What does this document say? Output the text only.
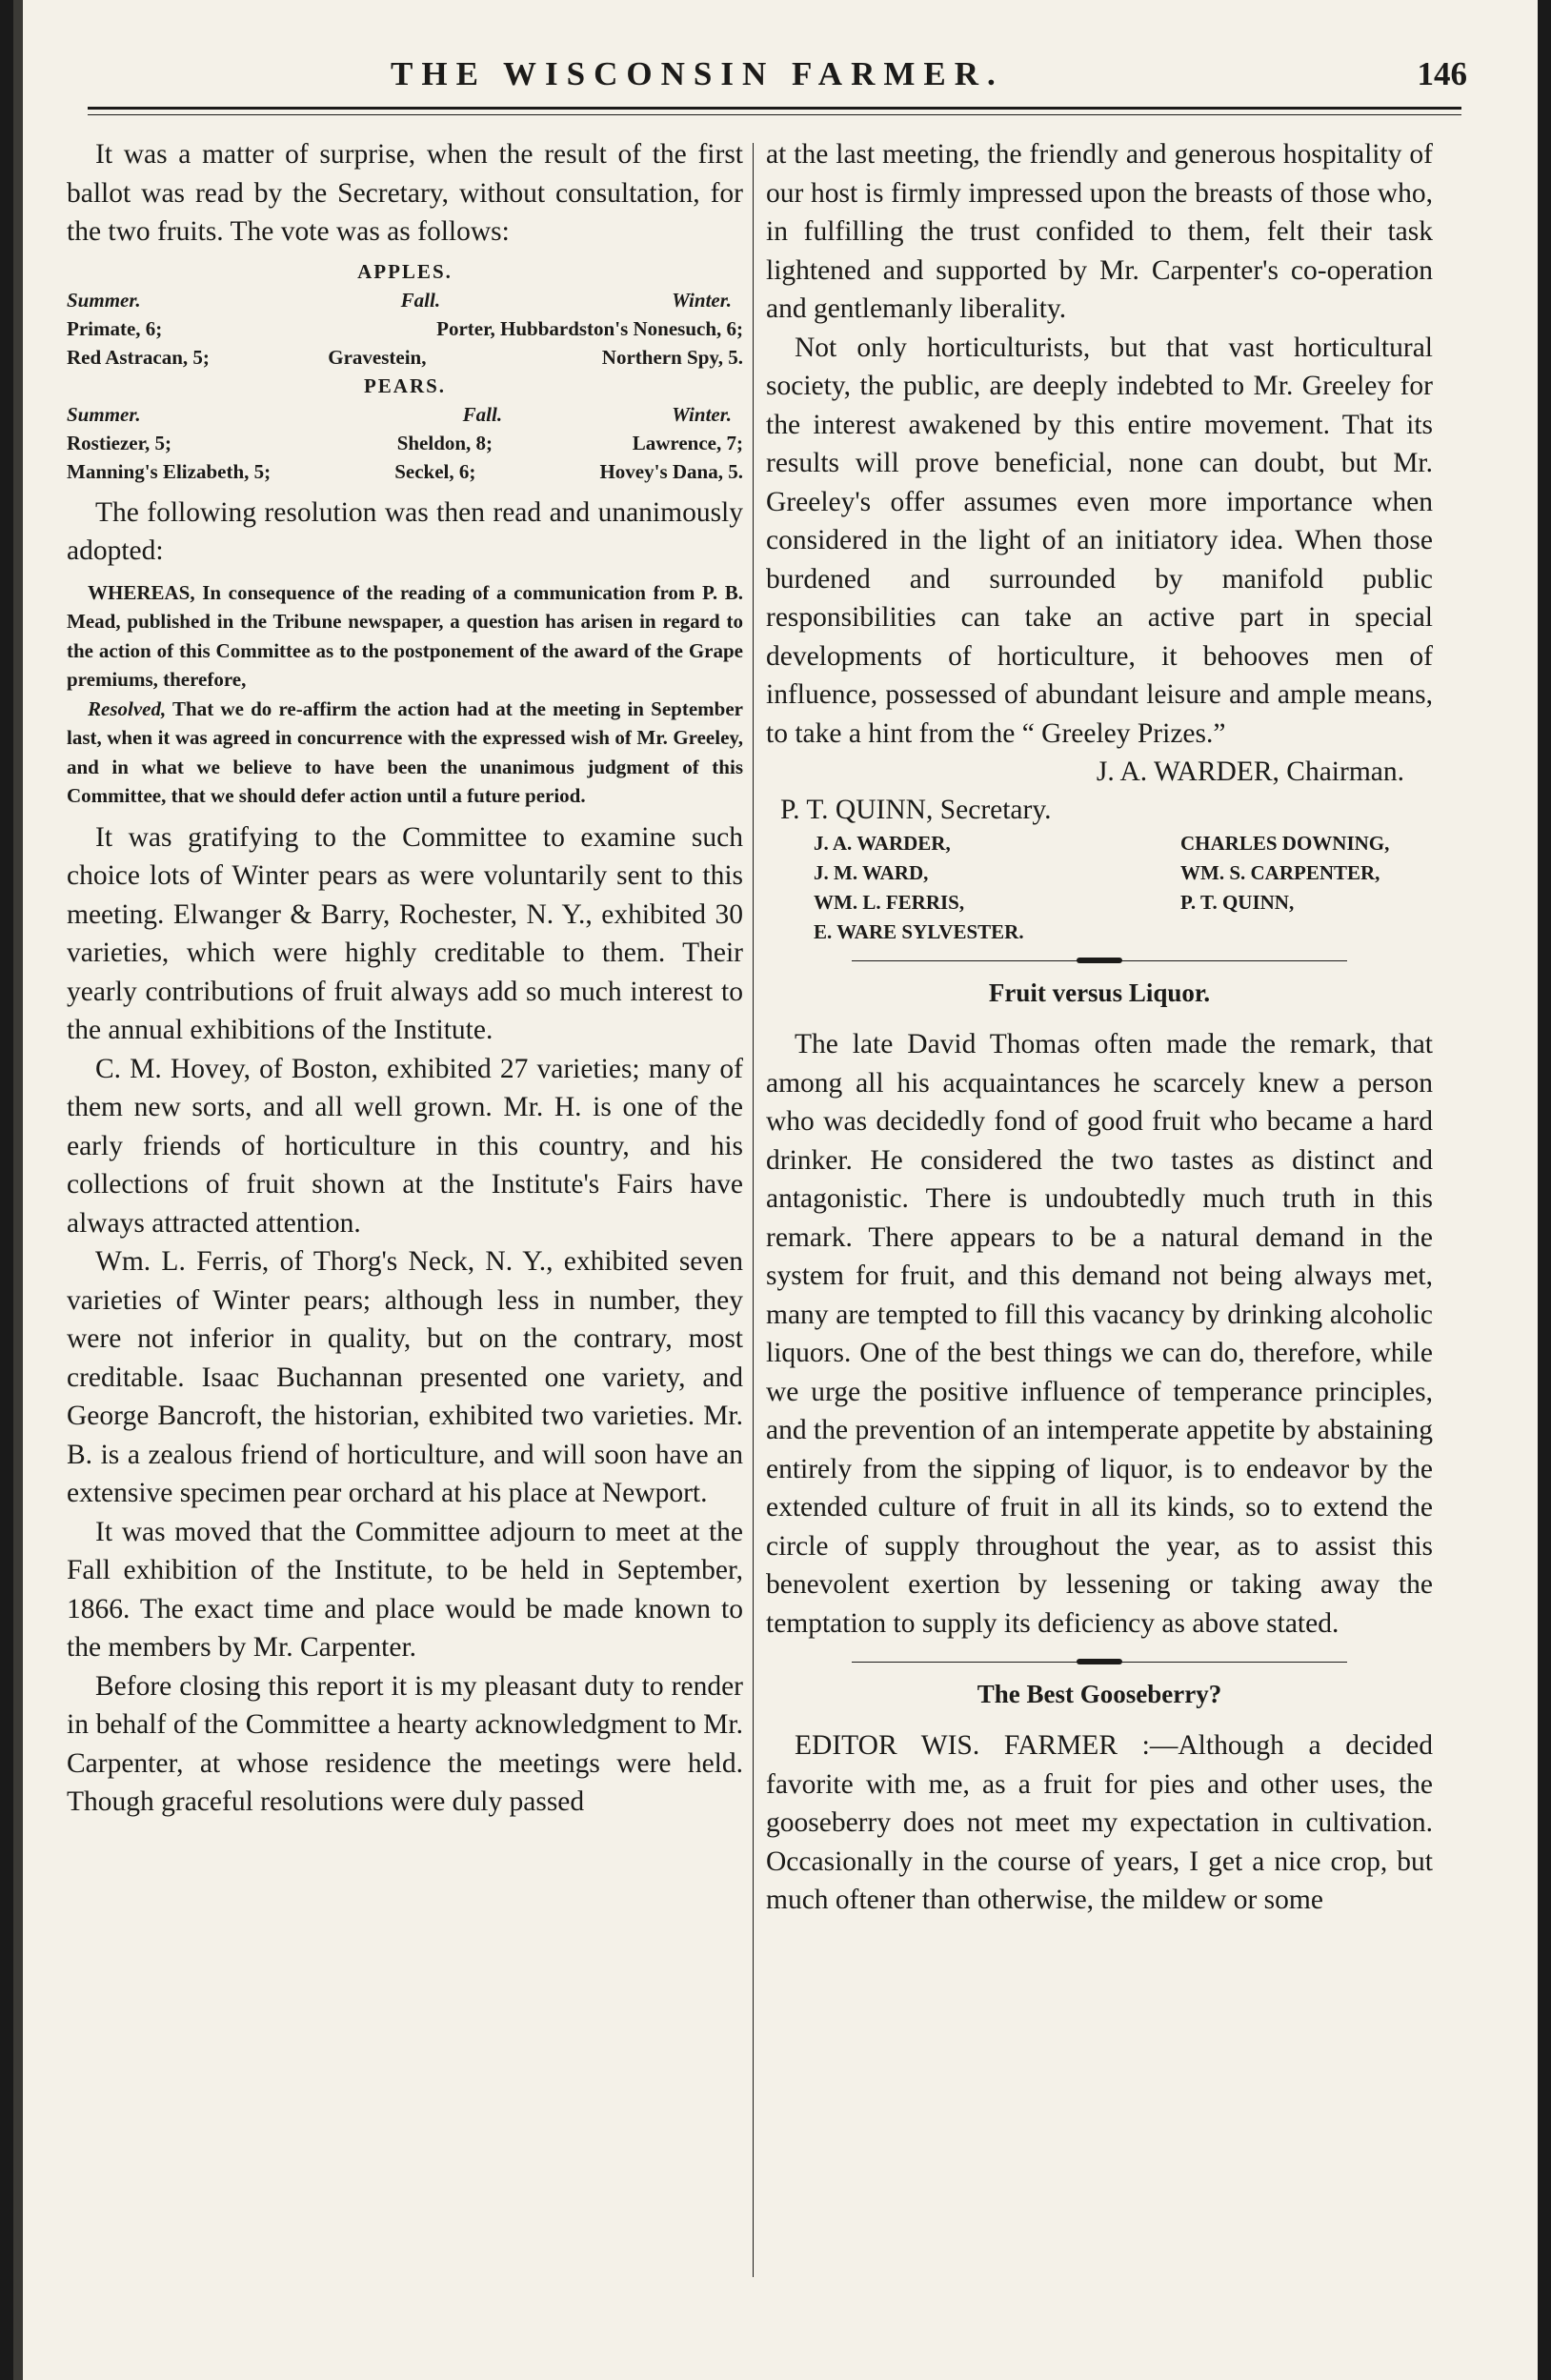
THE WISCONSIN FARMER.	146

It was a matter of surprise, when the result of the first ballot was read by the Secretary, without consultation, for the two fruits. The vote was as follows:

APPLES.
Summer.	Fall.	Winter.
Primate, 6;	Porter, Hubbardston's Nonesuch, 6;
Red Astracan, 5;	Gravestein,	Northern Spy, 5.
PEARS.
Summer.	Fall.	Winter.
Rostiezer, 5;	Sheldon, 8;	Lawrence, 7;
Manning's Elizabeth, 5;	Seckel, 6;	Hovey's Dana, 5.

The following resolution was then read and unanimously adopted:

WHEREAS, In consequence of the reading of a communication from P. B. Mead, published in the Tribune newspaper, a question has arisen in regard to the action of this Committee as to the postponement of the award of the Grape premiums, therefore,

Resolved, That we do re-affirm the action had at the meeting in September last, when it was agreed in concurrence with the expressed wish of Mr. Greeley, and in what we believe to have been the unanimous judgment of this Committee, that we should defer action until a future period.

It was gratifying to the Committee to examine such choice lots of Winter pears as were voluntarily sent to this meeting. Elwanger & Barry, Rochester, N. Y., exhibited 30 varieties, which were highly creditable to them. Their yearly contributions of fruit always add so much interest to the annual exhibitions of the Institute.

C. M. Hovey, of Boston, exhibited 27 varieties; many of them new sorts, and all well grown. Mr. H. is one of the early friends of horticulture in this country, and his collections of fruit shown at the Institute's Fairs have always attracted attention.

Wm. L. Ferris, of Thorg's Neck, N. Y., exhibited seven varieties of Winter pears; although less in number, they were not inferior in quality, but on the contrary, most creditable. Isaac Buchannan presented one variety, and George Bancroft, the historian, exhibited two varieties. Mr. B. is a zealous friend of horticulture, and will soon have an extensive specimen pear orchard at his place at Newport.

It was moved that the Committee adjourn to meet at the Fall exhibition of the Institute, to be held in September, 1866. The exact time and place would be made known to the members by Mr. Carpenter.

Before closing this report it is my pleasant duty to render in behalf of the Committee a hearty acknowledgment to Mr. Carpenter, at whose residence the meetings were held. Though graceful resolutions were duly passed

at the last meeting, the friendly and generous hospitality of our host is firmly impressed upon the breasts of those who, in fulfilling the trust confided to them, felt their task lightened and supported by Mr. Carpenter's co-operation and gentlemanly liberality.

Not only horticulturists, but that vast horticultural society, the public, are deeply indebted to Mr. Greeley for the interest awakened by this entire movement. That its results will prove beneficial, none can doubt, but Mr. Greeley's offer assumes even more importance when considered in the light of an initiatory idea. When those burdened and surrounded by manifold public responsibilities can take an active part in special developments of horticulture, it behooves men of influence, possessed of abundant leisure and ample means, to take a hint from the “ Greeley Prizes.”

J. A. WARDER, Chairman.
P. T. QUINN, Secretary.
J. A. WARDER,	CHARLES DOWNING,
J. M. WARD,	WM. S. CARPENTER,
WM. L. FERRIS,	P. T. QUINN,
E. WARE SYLVESTER.
Fruit versus Liquor.

The late David Thomas often made the remark, that among all his acquaintances he scarcely knew a person who was decidedly fond of good fruit who became a hard drinker. He considered the two tastes as distinct and antagonistic. There is undoubtedly much truth in this remark. There appears to be a natural demand in the system for fruit, and this demand not being always met, many are tempted to fill this vacancy by drinking alcoholic liquors. One of the best things we can do, therefore, while we urge the positive influence of temperance principles, and the prevention of an intemperate appetite by abstaining entirely from the sipping of liquor, is to endeavor by the extended culture of fruit in all its kinds, so to extend the circle of supply throughout the year, as to assist this benevolent exertion by lessening or taking away the temptation to supply its deficiency as above stated.

The Best Gooseberry?

EDITOR WIS. FARMER :—Although a decided favorite with me, as a fruit for pies and other uses, the gooseberry does not meet my expectation in cultivation. Occasionally in the course of years, I get a nice crop, but much oftener than otherwise, the mildew or some
